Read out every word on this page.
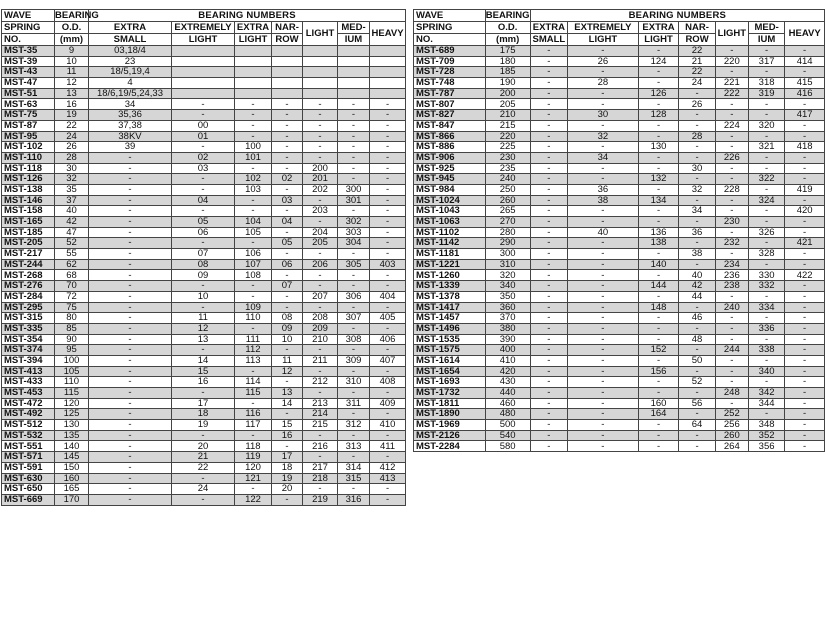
WAVE	BEARING	BEARING NUMBERS						
SPRING	O.D.	EXTRA	EXTREMELY	EXTRA	NAR-	LIGHT	MED-	HEAVY
NO.	(mm)	SMALL	LIGHT	LIGHT	ROW		IUM	
MST-35	9	03,18/4						
MST-39	10	23						
MST-43	11	18/5,19,4						
MST-47	12	4						
MST-51	13	18/6,19/5,24,33						
MST-63	16	34	-	-	-	-	-	-
MST-75	19	35,36	-	-	-	-	-	-
MST-87	22	37,38	00	-	-	-	-	-
MST-95	24	38KV	01	-	-	-	-	-
MST-102	26	39	-	100	-	-	-	-
MST-110	28	-	02	101	-	-	-	-
MST-118	30	-	03	-	-	200	-	-
MST-126	32	-	-	102	02	201	-	-
MST-138	35	-	-	103	-	202	300	-
MST-146	37	-	04	-	03	-	301	-
MST-158	40	-	-	-	-	203	-	-
MST-165	42	-	05	104	04	-	302	-
MST-185	47	-	06	105	-	204	303	-
MST-205	52	-	-	-	05	205	304	-
MST-217	55	-	07	106	-	-	-	-
MST-244	62	-	08	107	06	206	305	403
MST-268	68	-	09	108	-	-	-	-
MST-276	70	-	-	-	07	-	-	-
MST-284	72	-	10	-	-	207	306	404
MST-295	75	-	-	109	-	-	-	-
MST-315	80	-	11	110	08	208	307	405
MST-335	85	-	12	-	09	209	-	-
MST-354	90	-	13	111	10	210	308	406
MST-374	95	-	-	112	-	-	-	-
MST-394	100	-	14	113	11	211	309	407
MST-413	105	-	15	-	12	-	-	-
MST-433	110	-	16	114	-	212	310	408
MST-453	115	-	-	115	13	-	-	-
MST-472	120	-	17	-	14	213	311	409
MST-492	125	-	18	116	-	214	-	-
MST-512	130	-	19	117	15	215	312	410
MST-532	135	-	-	-	16	-	-	-
MST-551	140	-	20	118	-	216	313	411
MST-571	145	-	21	119	17	-	-	-
MST-591	150	-	22	120	18	217	314	412
MST-630	160	-	-	121	19	218	315	413
MST-650	165	-	24	-	20	-	-	-
MST-669	170	-	-	122	-	219	316	-
WAVE	BEARING	BEARING NUMBERS						
SPRING	O.D.	EXTRA	EXTREMELY	EXTRA	NAR-	LIGHT	MED-	HEAVY
NO.	(mm)	SMALL	LIGHT	LIGHT	ROW		IUM	
MST-689	175	-	-	-	22	-	-	-
MST-709	180	-	26	124	21	220	317	414
MST-728	185	-	-	-	22	-	-	-
MST-748	190	-	28	-	24	221	318	415
MST-787	200	-	-	126	-	222	319	416
MST-807	205	-	-	-	26	-	-	-
MST-827	210	-	30	128	-	-	-	417
MST-847	215	-	-	-	-	224	320	-
MST-866	220	-	32	-	28	-	-	-
MST-886	225	-	-	130	-	-	321	418
MST-906	230	-	34	-	-	226	-	-
MST-925	235	-	-	-	30	-	-	-
MST-945	240	-	-	132	-	-	322	-
MST-984	250	-	36	-	32	228	-	419
MST-1024	260	-	38	134	-	-	324	-
MST-1043	265	-	-	-	34	-	-	420
MST-1063	270	-	-	-	-	230	-	-
MST-1102	280	-	40	136	36	-	326	-
MST-1142	290	-	-	138	-	232	-	421
MST-1181	300	-	-	-	38	-	328	-
MST-1221	310	-	-	140	-	234	-	-
MST-1260	320	-	-	-	40	236	330	422
MST-1339	340	-	-	144	42	238	332	-
MST-1378	350	-	-	-	44	-	-	-
MST-1417	360	-	-	148	-	240	334	-
MST-1457	370	-	-	-	46	-	-	-
MST-1496	380	-	-	-	-	-	336	-
MST-1535	390	-	-	-	48	-	-	-
MST-1575	400	-	-	152	-	244	338	-
MST-1614	410	-	-	-	50	-	-	-
MST-1654	420	-	-	156	-	-	340	-
MST-1693	430	-	-	-	52	-	-	-
MST-1732	440	-	-	-	-	248	342	-
MST-1811	460	-	-	160	56	-	344	-
MST-1890	480	-	-	164	-	252	-	-
MST-1969	500	-	-	-	64	256	348	-
MST-2126	540	-	-	-	-	260	352	-
MST-2284	580	-	-	-	-	264	356	-
